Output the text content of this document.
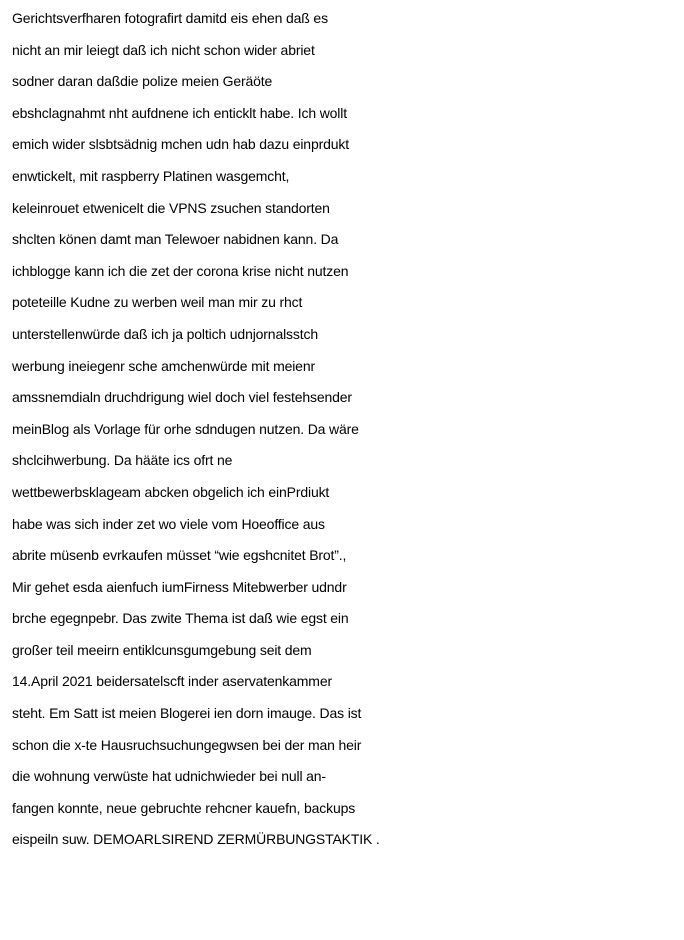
Gerichtsverfharen fotografirt damitd eis ehen daß es
nicht an mir leiegt daß ich nicht schon wider abriet
sodner daran daßdie polize meien Geräöte
ebshclagnahmt nht aufdnene ich enticklt habe. Ich wollt
emich wider slsbtsädnig mchen udn hab dazu einprdukt
enwtickelt, mit raspberry Platinen wasgemcht,
keleinrouet etwenicelt die VPNS zsuchen standorten
shclten könen damt man Telewoer nabidnen kann. Da
ichblogge kann ich die zet der corona krise nicht nutzen
poteteille Kudne zu werben weil man mir zu rhct
unterstellenwürde daß ich ja poltich udnjornalsstch
werbung ineiegenr sche amchenwürde mit meienr
amssnemdialn druchdrigung wiel doch viel festehsender
meinBlog als Vorlage für orhe sdndugen nutzen. Da wäre
shclcihwerbung. Da hääte ics ofrt ne
wettbewerbsklageam abcken obgelich ich einPrdiukt
habe was sich inder zet wo viele vom Hoeoffice aus
abrite müsenb evrkaufen müsset “wie egshcnitet Brot”.,
Mir gehet esda aienfuch iumFirness Mitebwerber udndr
brche egegnpebr. Das zwite Thema ist daß wie egst ein
großer teil meeirn entiklcunsgumgebung seit dem
14.April 2021 beidersatelscft inder aservatenkammer
steht. Em Satt ist meien Blogerei ien dorn imauge. Das ist
schon die x-te Hausruchsuchungegwsen bei der man heir
die wohnung verwüste hat udnichwieder bei null an-
fangen konnte, neue gebruchte rehcner kauefn, backups
eispeiln suw. DEMOARLSIREND ZERMÜRBUNGSTAKTIK .
